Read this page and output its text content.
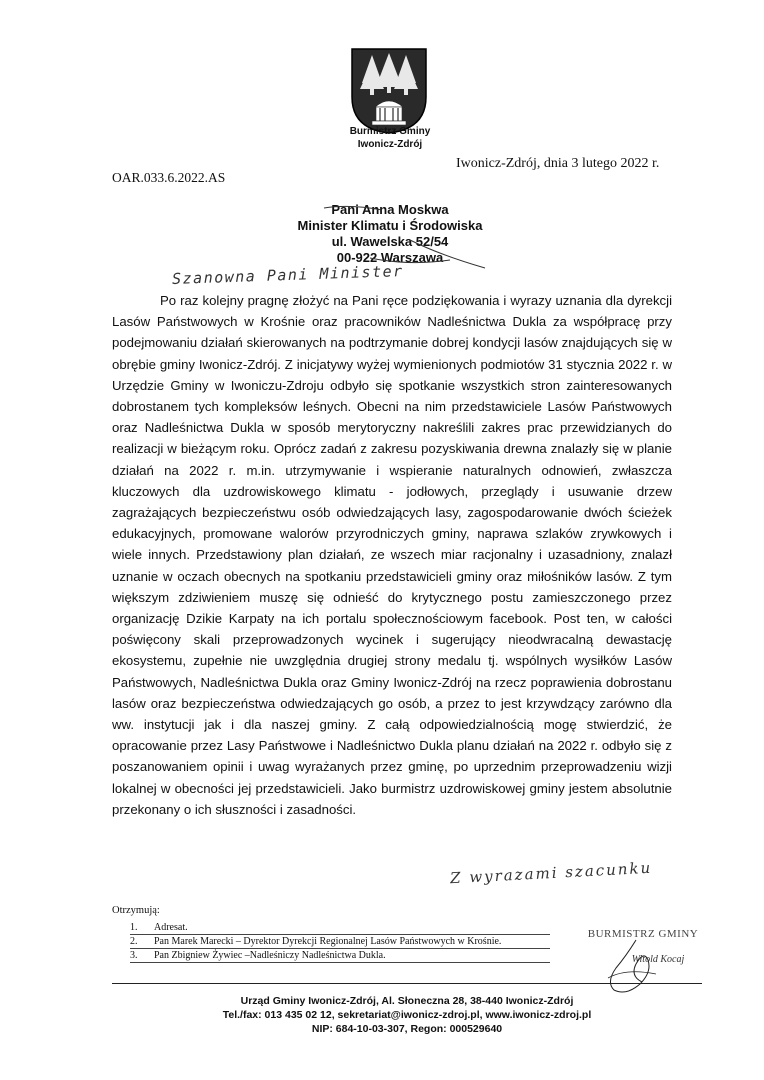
Burmistrz Gminy
Iwonicz-Zdrój
Iwonicz-Zdrój, dnia 3 lutego 2022 r.
OAR.033.6.2022.AS
Pani Anna Moskwa
Minister Klimatu i Środowiska
ul. Wawelska 52/54
00-922 Warszawa
Szanowna Pani Minister

Po raz kolejny pragnę złożyć na Pani ręce podziękowania i wyrazy uznania dla dyrekcji Lasów Państwowych w Krośnie oraz pracowników Nadleśnictwa Dukla za współpracę przy podejmowaniu działań skierowanych na podtrzymanie dobrej kondycji lasów znajdujących się w obrębie gminy Iwonicz-Zdrój. Z inicjatywy wyżej wymienionych podmiotów 31 stycznia 2022 r. w Urzędzie Gminy w Iwoniczu-Zdroju odbyło się spotkanie wszystkich stron zainteresowanych dobrostanem tych kompleksów leśnych. Obecni na nim przedstawiciele Lasów Państwowych oraz Nadleśnictwa Dukla w sposób merytoryczny nakreślili zakres prac przewidzianych do realizacji w bieżącym roku. Oprócz zadań z zakresu pozyskiwania drewna znalazły się w planie działań na 2022 r. m.in. utrzymywanie i wspieranie naturalnych odnowień, zwłaszcza kluczowych dla uzdrowiskowego klimatu - jodłowych, przeglądy i usuwanie drzew zagrażających bezpieczeństwu osób odwiedzających lasy, zagospodarowanie dwóch ścieżek edukacyjnych, promowane walorów przyrodniczych gminy, naprawa szlaków zrywkowych i wiele innych. Przedstawiony plan działań, ze wszech miar racjonalny i uzasadniony, znalazł uznanie w oczach obecnych na spotkaniu przedstawicieli gminy oraz miłośników lasów. Z tym większym zdziwieniem muszę się odnieść do krytycznego postu zamieszczonego przez organizację Dzikie Karpaty na ich portalu społecznościowym facebook. Post ten, w całości poświęcony skali przeprowadzonych wycinek i sugerujący nieodwracalną dewastację ekosystemu, zupełnie nie uwzględnia drugiej strony medalu tj. wspólnych wysiłków Lasów Państwowych, Nadleśnictwa Dukla oraz Gminy Iwonicz-Zdrój na rzecz poprawienia dobrostanu lasów oraz bezpieczeństwa odwiedzających go osób, a przez to jest krzywdzący zarówno dla ww. instytucji jak i dla naszej gminy. Z całą odpowiedzialnością mogę stwierdzić, że opracowanie przez Lasy Państwowe i Nadleśnictwo Dukla planu działań na 2022 r. odbyło się z poszanowaniem opinii i uwag wyrażanych przez gminę, po uprzednim przeprowadzeniu wizji lokalnej w obecności jej przedstawicieli. Jako burmistrz uzdrowiskowej gminy jestem absolutnie przekonany o ich słuszności i zasadności.

Z wyrazami szacunku
Otrzymują:
1.	Adresat.
2.	Pan Marek Marecki – Dyrektor Dyrekcji Regionalnej Lasów Państwowych w Krośnie.
3.	Pan Zbigniew Żywiec –Nadleśniczy Nadleśnictwa Dukla.
BURMISTRZ GMINY
Witold Kocaj
Urząd Gminy Iwonicz-Zdrój, Al. Słoneczna 28, 38-440 Iwonicz-Zdrój
Tel./fax: 013 435 02 12, sekretariat@iwonicz-zdroj.pl, www.iwonicz-zdroj.pl
NIP: 684-10-03-307, Regon: 000529640
